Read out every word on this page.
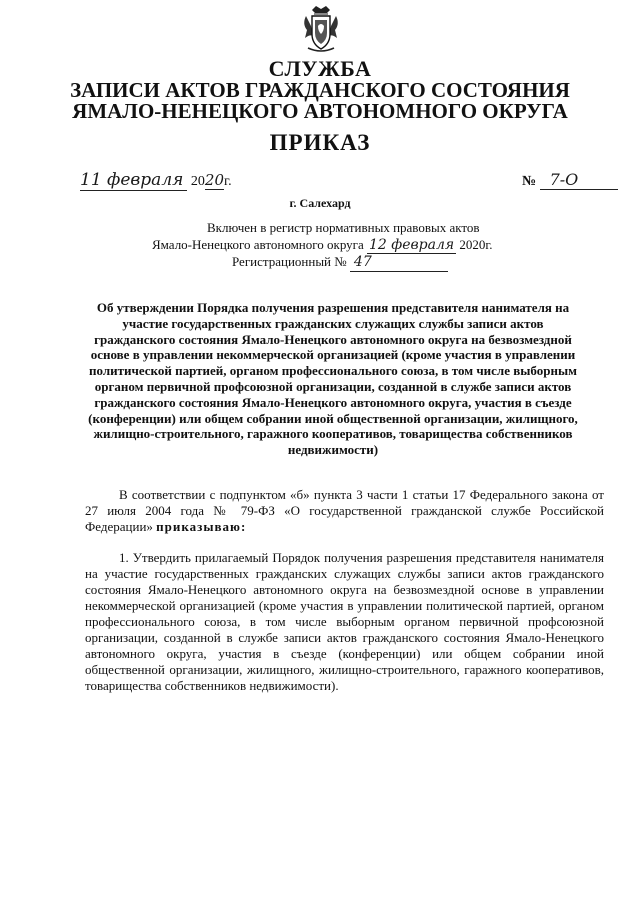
СЛУЖБА
ЗАПИСИ АКТОВ ГРАЖДАНСКОГО СОСТОЯНИЯ
ЯМАЛО-НЕНЕЦКОГО АВТОНОМНОГО ОКРУГА
ПРИКАЗ
11 февраля 2020г.	№ 7-О
г. Салехард
Включен в регистр нормативных правовых актов
Ямало-Ненецкого автономного округа 12 февраля 2020г.
Регистрационный № 47

Об утверждении Порядка получения разрешения представителя нанимателя на участие государственных гражданских служащих службы записи актов гражданского состояния Ямало-Ненецкого автономного округа на безвозмездной основе в управлении некоммерческой организацией (кроме участия в управлении политической партией, органом профессионального союза, в том числе выборным органом первичной профсоюзной организации, созданной в службе записи актов гражданского состояния Ямало-Ненецкого автономного округа, участия в съезде (конференции) или общем собрании иной общественной организации, жилищного, жилищно-строительного, гаражного кооперативов, товарищества собственников недвижимости)

В соответствии с подпунктом «б» пункта 3 части 1 статьи 17 Федерального закона от 27 июля 2004 года № 79-ФЗ «О государственной гражданской службе Российской Федерации» приказываю:

1. Утвердить прилагаемый Порядок получения разрешения представителя нанимателя на участие государственных гражданских служащих службы записи актов гражданского состояния Ямало-Ненецкого автономного округа на безвозмездной основе в управлении некоммерческой организацией (кроме участия в управлении политической партией, органом профессионального союза, в том числе выборным органом первичной профсоюзной организации, созданной в службе записи актов гражданского состояния Ямало-Ненецкого автономного округа, участия в съезде (конференции) или общем собрании иной общественной организации, жилищного, жилищно-строительного, гаражного кооперативов, товарищества собственников недвижимости).
